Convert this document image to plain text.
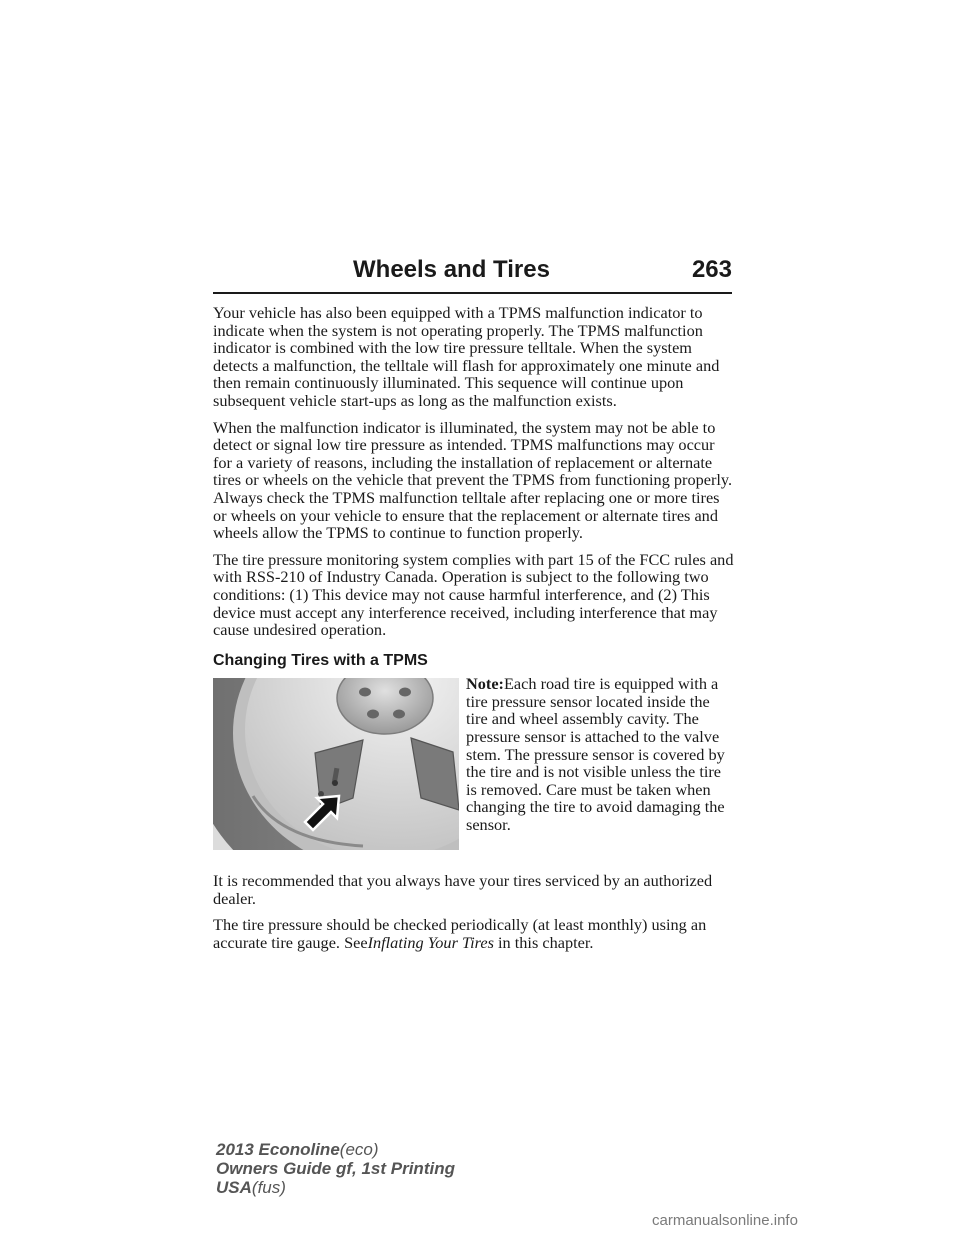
Wheels and Tires	263

Your vehicle has also been equipped with a TPMS malfunction indicator to indicate when the system is not operating properly. The TPMS malfunction indicator is combined with the low tire pressure telltale. When the system detects a malfunction, the telltale will flash for approximately one minute and then remain continuously illuminated. This sequence will continue upon subsequent vehicle start-ups as long as the malfunction exists.

When the malfunction indicator is illuminated, the system may not be able to detect or signal low tire pressure as intended. TPMS malfunctions may occur for a variety of reasons, including the installation of replacement or alternate tires or wheels on the vehicle that prevent the TPMS from functioning properly. Always check the TPMS malfunction telltale after replacing one or more tires or wheels on your vehicle to ensure that the replacement or alternate tires and wheels allow the TPMS to continue to function properly.

The tire pressure monitoring system complies with part 15 of the FCC rules and with RSS-210 of Industry Canada. Operation is subject to the following two conditions: (1) This device may not cause harmful interference, and (2) This device must accept any interference received, including interference that may cause undesired operation.

Changing Tires with a TPMS
Note:Each road tire is equipped with a tire pressure sensor located inside the tire and wheel assembly cavity. The pressure sensor is attached to the valve stem. The pressure sensor is covered by the tire and is not visible unless the tire is removed. Care must be taken when changing the tire to avoid damaging the sensor.

It is recommended that you always have your tires serviced by an authorized dealer.

The tire pressure should be checked periodically (at least monthly) using an accurate tire gauge. SeeInflating Your Tires in this chapter.

2013 Econoline(eco)
Owners Guide gf, 1st Printing
USA(fus)
carmanualsonline.info
